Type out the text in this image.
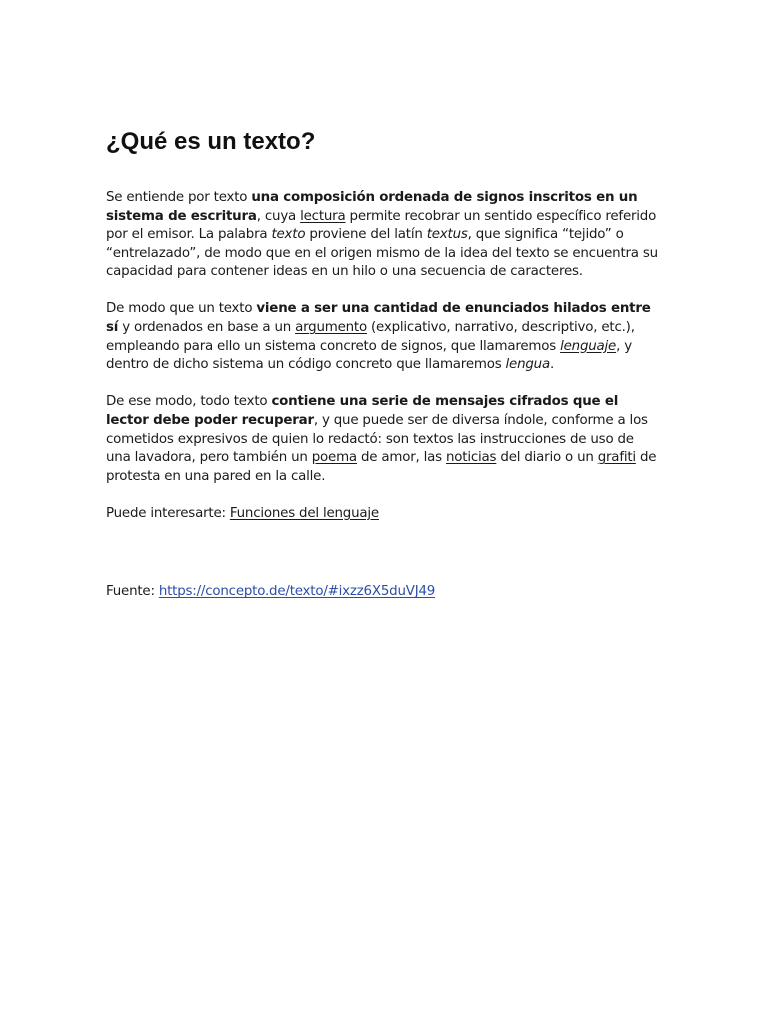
¿Qué es un texto?

Se entiende por texto una composición ordenada de signos inscritos en un sistema de escritura, cuya lectura permite recobrar un sentido específico referido por el emisor. La palabra texto proviene del latín textus, que significa “tejido” o “entrelazado”, de modo que en el origen mismo de la idea del texto se encuentra su capacidad para contener ideas en un hilo o una secuencia de caracteres.

De modo que un texto viene a ser una cantidad de enunciados hilados entre sí y ordenados en base a un argumento (explicativo, narrativo, descriptivo, etc.), empleando para ello un sistema concreto de signos, que llamaremos lenguaje, y dentro de dicho sistema un código concreto que llamaremos lengua.

De ese modo, todo texto contiene una serie de mensajes cifrados que el lector debe poder recuperar, y que puede ser de diversa índole, conforme a los cometidos expresivos de quien lo redactó: son textos las instrucciones de uso de una lavadora, pero también un poema de amor, las noticias del diario o un grafiti de protesta en una pared en la calle.

Puede interesarte: Funciones del lenguaje

Fuente: https://concepto.de/texto/#ixzz6X5duVJ49
